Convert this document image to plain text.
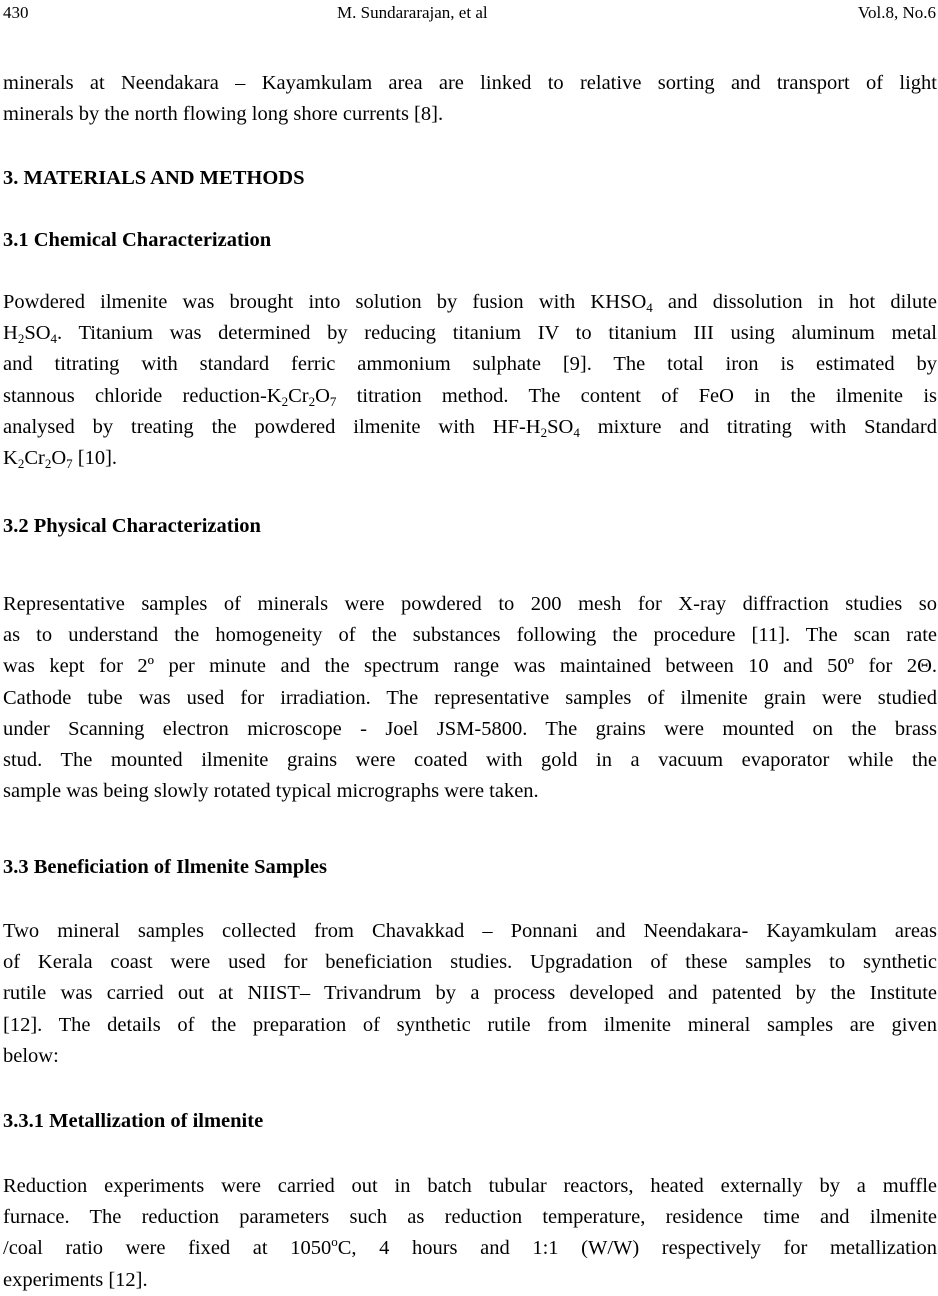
430	M. Sundararajan, et al	Vol.8, No.6
minerals at Neendakara – Kayamkulam area are linked to relative sorting and transport of light
minerals by the north flowing long shore currents [8].
3. MATERIALS AND METHODS
3.1 Chemical Characterization
Powdered ilmenite was brought into solution by fusion with $KHSO_4$ and dissolution in hot dilute
$H_2SO_4$. Titanium was determined by reducing titanium IV to titanium III using aluminum metal
and titrating with standard ferric ammonium sulphate [9]. The total iron is estimated by
stannous chloride reduction-$K_2Cr_2O_7$ titration method. The content of FeO in the ilmenite is
analysed by treating the powdered ilmenite with $HF-H_2SO_4$ mixture and titrating with Standard
$K_2Cr_2O_7$ [10].
3.2 Physical Characterization
Representative samples of minerals were powdered to 200 mesh for X-ray diffraction studies so
as to understand the homogeneity of the substances following the procedure [11]. The scan rate
was kept for 2º per minute and the spectrum range was maintained between 10 and 50º for 2Θ.
Cathode tube was used for irradiation. The representative samples of ilmenite grain were studied
under Scanning electron microscope - Joel JSM-5800. The grains were mounted on the brass
stud. The mounted ilmenite grains were coated with gold in a vacuum evaporator while the
sample was being slowly rotated typical micrographs were taken.
3.3 Beneficiation of Ilmenite Samples
Two mineral samples collected from Chavakkad – Ponnani and Neendakara- Kayamkulam areas
of Kerala coast were used for beneficiation studies. Upgradation of these samples to synthetic
rutile was carried out at NIIST– Trivandrum by a process developed and patented by the Institute
[12]. The details of the preparation of synthetic rutile from ilmenite mineral samples are given
below:
3.3.1 Metallization of ilmenite
Reduction experiments were carried out in batch tubular reactors, heated externally by a muffle
furnace. The reduction parameters such as reduction temperature, residence time and ilmenite
/coal ratio were fixed at 1050$^o$C, 4 hours and 1:1 (W/W) respectively for metallization
experiments [12].
